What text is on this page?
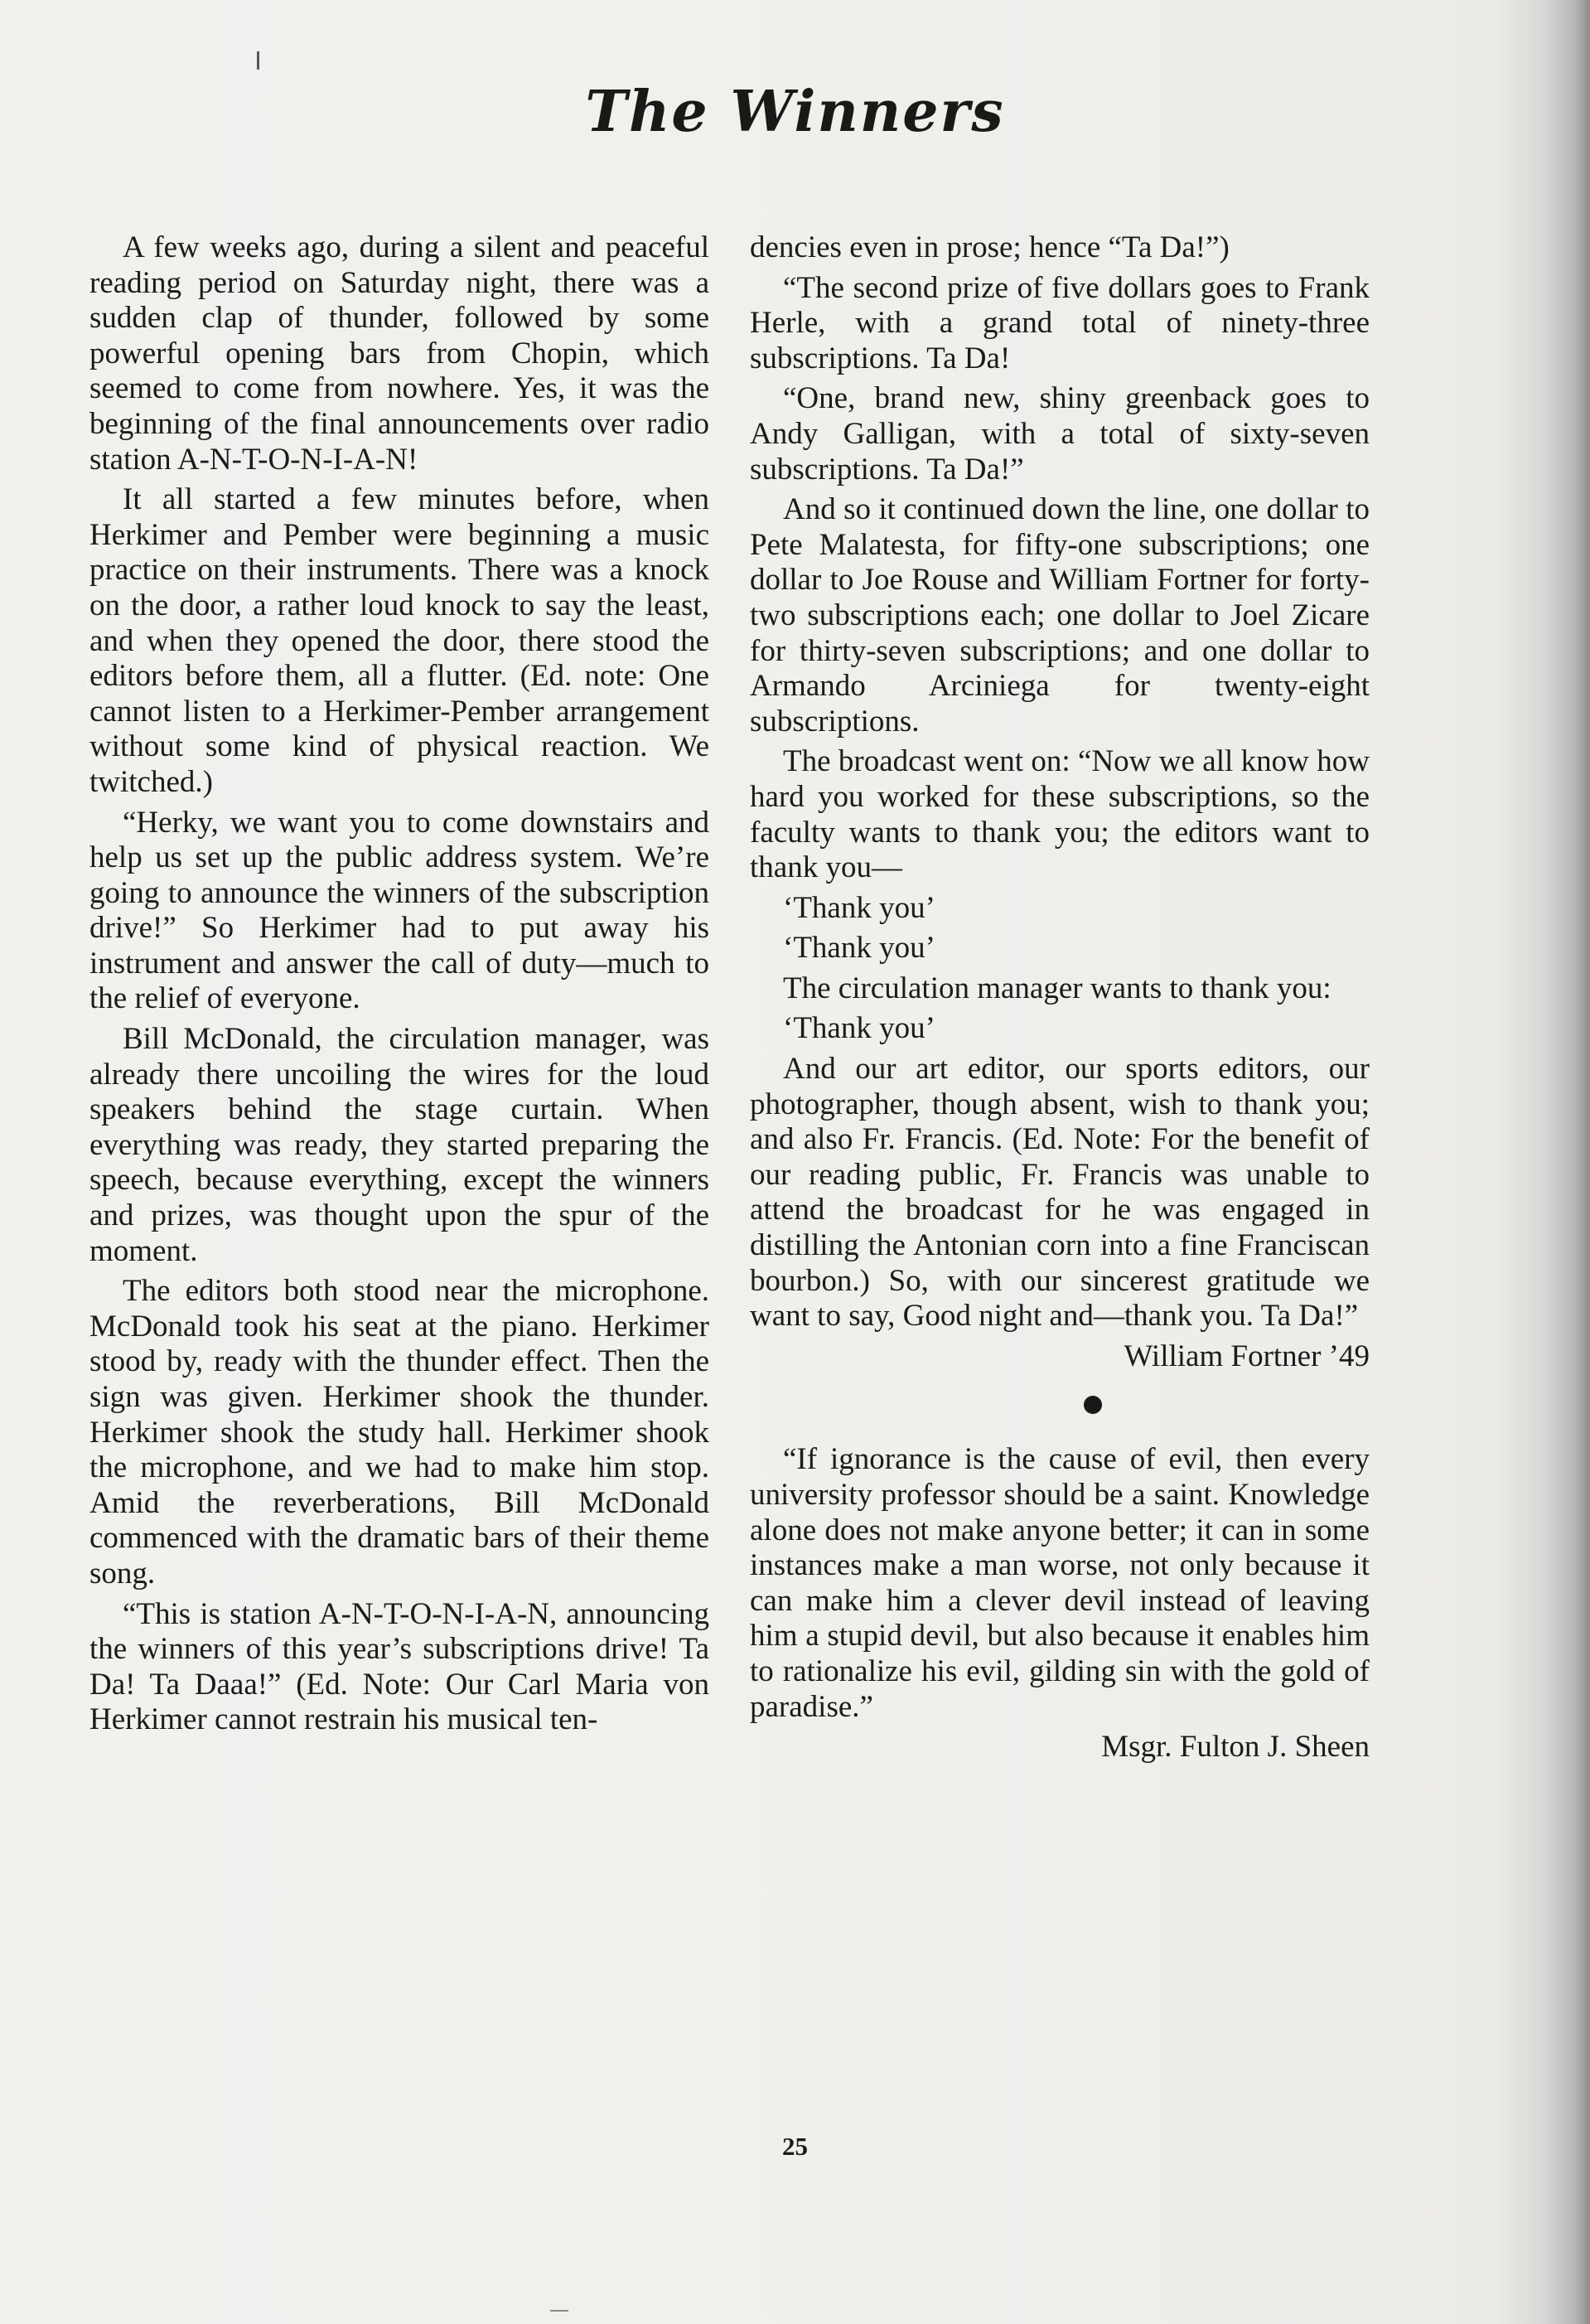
The Winners

A few weeks ago, during a silent and peaceful reading period on Saturday night, there was a sudden clap of thunder, followed by some powerful opening bars from Chopin, which seemed to come from nowhere. Yes, it was the beginning of the final announcements over radio station A-N-T-O-N-I-A-N!

It all started a few minutes before, when Herkimer and Pember were beginning a music practice on their instruments. There was a knock on the door, a rather loud knock to say the least, and when they opened the door, there stood the editors before them, all a flutter. (Ed. note: One cannot listen to a Herkimer-Pember arrangement without some kind of physical reaction. We twitched.)

“Herky, we want you to come downstairs and help us set up the public address system. We’re going to announce the winners of the subscription drive!” So Herkimer had to put away his instrument and answer the call of duty—much to the relief of everyone.

Bill McDonald, the circulation manager, was already there uncoiling the wires for the loud speakers behind the stage curtain. When everything was ready, they started preparing the speech, because everything, except the winners and prizes, was thought upon the spur of the moment.

The editors both stood near the microphone. McDonald took his seat at the piano. Herkimer stood by, ready with the thunder effect. Then the sign was given. Herkimer shook the thunder. Herkimer shook the study hall. Herkimer shook the microphone, and we had to make him stop. Amid the reverberations, Bill McDonald commenced with the dramatic bars of their theme song.

“This is station A-N-T-O-N-I-A-N, announcing the winners of this year’s subscriptions drive! Ta Da! Ta Daaa!” (Ed. Note: Our Carl Maria von Herkimer cannot restrain his musical ten-

dencies even in prose; hence “Ta Da!”)

“The second prize of five dollars goes to Frank Herle, with a grand total of ninety-three subscriptions. Ta Da!

“One, brand new, shiny greenback goes to Andy Galligan, with a total of sixty-seven subscriptions. Ta Da!”

And so it continued down the line, one dollar to Pete Malatesta, for fifty-one subscriptions; one dollar to Joe Rouse and William Fortner for forty-two subscriptions each; one dollar to Joel Zicare for thirty-seven subscriptions; and one dollar to Armando Arciniega for twenty-eight subscriptions.

The broadcast went on: “Now we all know how hard you worked for these subscriptions, so the faculty wants to thank you; the editors want to thank you—

‘Thank you’

‘Thank you’

The circulation manager wants to thank you:

‘Thank you’

And our art editor, our sports editors, our photographer, though absent, wish to thank you; and also Fr. Francis. (Ed. Note: For the benefit of our reading public, Fr. Francis was unable to attend the broadcast for he was engaged in distilling the Antonian corn into a fine Franciscan bourbon.) So, with our sincerest gratitude we want to say, Good night and—thank you. Ta Da!”

William Fortner ’49

“If ignorance is the cause of evil, then every university professor should be a saint. Knowledge alone does not make anyone better; it can in some instances make a man worse, not only because it can make him a clever devil instead of leaving him a stupid devil, but also because it enables him to rationalize his evil, gilding sin with the gold of paradise.”

Msgr. Fulton J. Sheen

25
